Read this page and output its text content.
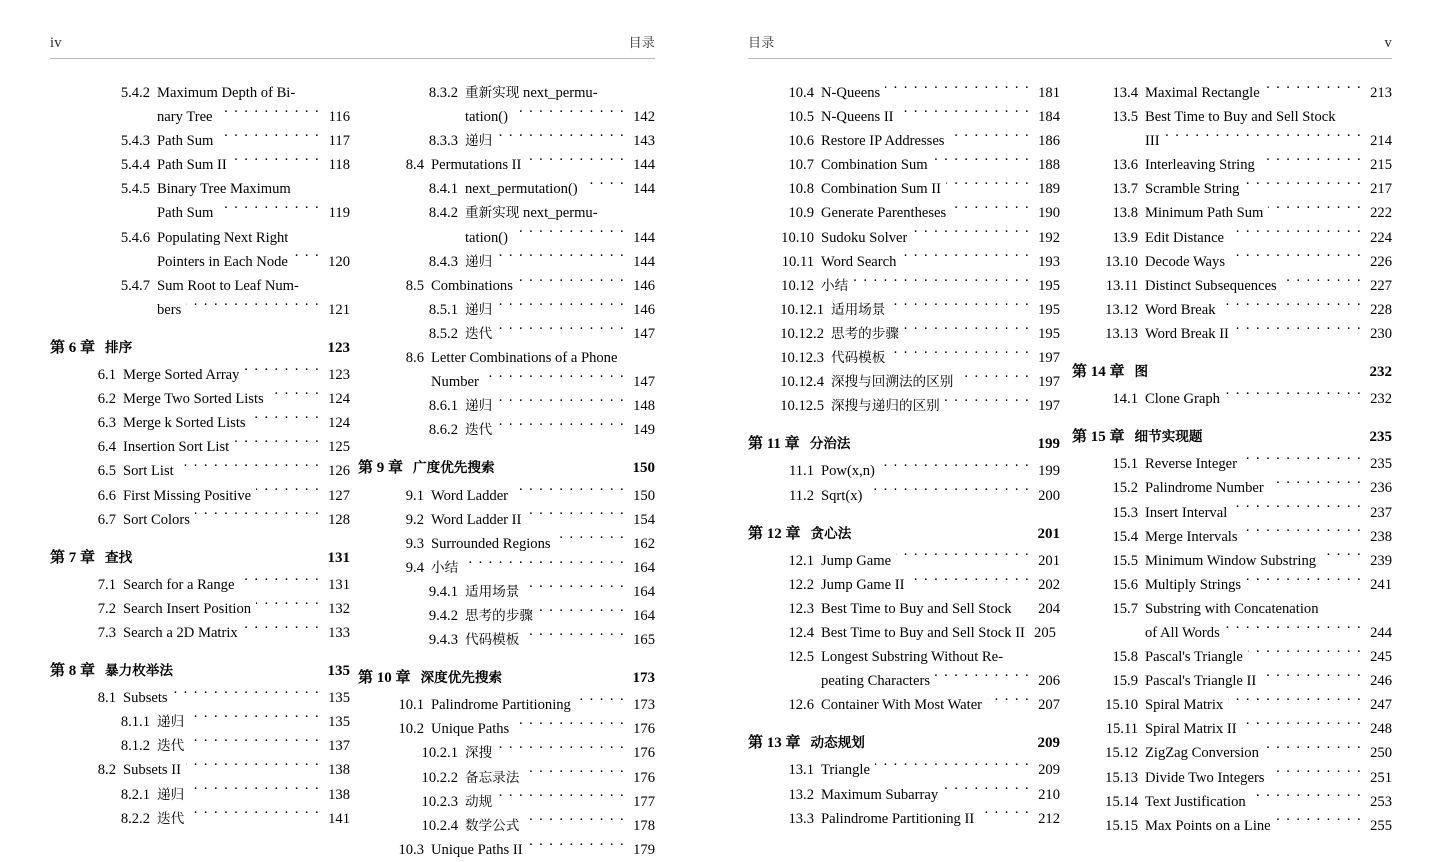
iv	目录
5.4.2 Maximum Depth of Bi-
nary Tree . . .	116
5.4.3 Path Sum . . .	117
5.4.4 Path Sum II . . .	118
5.4.5 Binary Tree Maximum
Path Sum . . .	119
5.4.6 Populating Next Right
Pointers in Each Node . . .	120
5.4.7 Sum Root to Leaf Num-
bers . . .	121
第 6 章 排序	123
6.1 Merge Sorted Array . . .	123
6.2 Merge Two Sorted Lists . . .	124
6.3 Merge k Sorted Lists . . .	124
6.4 Insertion Sort List . . .	125
6.5 Sort List . . .	126
6.6 First Missing Positive . . .	127
6.7 Sort Colors . . .	128
第 7 章 查找	131
7.1 Search for a Range . . .	131
7.2 Search Insert Position . . .	132
7.3 Search a 2D Matrix . . .	133
第 8 章 暴力枚举法	135
8.1 Subsets . . .	135
8.1.1 递归 . . .	135
8.1.2 迭代 . . .	137
8.2 Subsets II . . .	138
8.2.1 递归 . . .	138
8.2.2 迭代 . . .	141
8.3.2 重新实现 next_permu-
tation() . . .	142
8.3.3 递归 . . .	143
8.4 Permutations II . . .	144
8.4.1 next_permutation() . . .	144
8.4.2 重新实现 next_permu-
tation() . . .	144
8.4.3 递归 . . .	144
8.5 Combinations . . .	146
8.5.1 递归 . . .	146
8.5.2 迭代 . . .	147
8.6 Letter Combinations of a Phone
Number . . .	147
8.6.1 递归 . . .	148
8.6.2 迭代 . . .	149
第 9 章 广度优先搜索	150
9.1 Word Ladder . . .	150
9.2 Word Ladder II . . .	154
9.3 Surrounded Regions . . .	162
9.4 小结 . . .	164
9.4.1 适用场景 . . .	164
9.4.2 思考的步骤 . . .	164
9.4.3 代码模板 . . .	165
第 10 章 深度优先搜索	173
10.1 Palindrome Partitioning . . .	173
10.2 Unique Paths . . .	176
10.2.1 深搜 . . .	176
10.2.2 备忘录法 . . .	176
10.2.3 动规 . . .	177
10.2.4 数学公式 . . .	178
10.3 Unique Paths II . . .	179
目录	v
10.4 N-Queens . . .	181
10.5 N-Queens II . . .	184
10.6 Restore IP Addresses . . .	186
10.7 Combination Sum . . .	188
10.8 Combination Sum II . . .	189
10.9 Generate Parentheses . . .	190
10.10 Sudoku Solver . . .	192
10.11 Word Search . . .	193
10.12 小结 . . .	195
10.12.1 适用场景 . . .	195
10.12.2 思考的步骤 . . .	195
10.12.3 代码模板 . . .	197
10.12.4 深搜与回溯法的区别 . . .	197
10.12.5 深搜与递归的区别 . . .	197
第 11 章 分治法	199
11.1 Pow(x,n) . . .	199
11.2 Sqrt(x) . . .	200
第 12 章 贪心法	201
12.1 Jump Game . . .	201
12.2 Jump Game II . . .	202
12.3 Best Time to Buy and Sell Stock	204
12.4 Best Time to Buy and Sell Stock II 205
12.5 Longest Substring Without Re-
peating Characters . . .	206
12.6 Container With Most Water . . .	207
第 13 章 动态规划	209
13.1 Triangle . . .	209
13.2 Maximum Subarray . . .	210
13.3 Palindrome Partitioning II . . .	212
13.4 Maximal Rectangle . . .	213
13.5 Best Time to Buy and Sell Stock
III . . .	214
13.6 Interleaving String . . .	215
13.7 Scramble String . . .	217
13.8 Minimum Path Sum . . .	222
13.9 Edit Distance . . .	224
13.10 Decode Ways . . .	226
13.11 Distinct Subsequences . . .	227
13.12 Word Break . . .	228
13.13 Word Break II . . .	230
第 14 章 图	232
14.1 Clone Graph . . .	232
第 15 章 细节实现题	235
15.1 Reverse Integer . . .	235
15.2 Palindrome Number . . .	236
15.3 Insert Interval . . .	237
15.4 Merge Intervals . . .	238
15.5 Minimum Window Substring . . .	239
15.6 Multiply Strings . . .	241
15.7 Substring with Concatenation
of All Words . . .	244
15.8 Pascal's Triangle . . .	245
15.9 Pascal's Triangle II . . .	246
15.10 Spiral Matrix . . .	247
15.11 Spiral Matrix II . . .	248
15.12 ZigZag Conversion . . .	250
15.13 Divide Two Integers . . .	251
15.14 Text Justification . . .	253
15.15 Max Points on a Line . . .	255
